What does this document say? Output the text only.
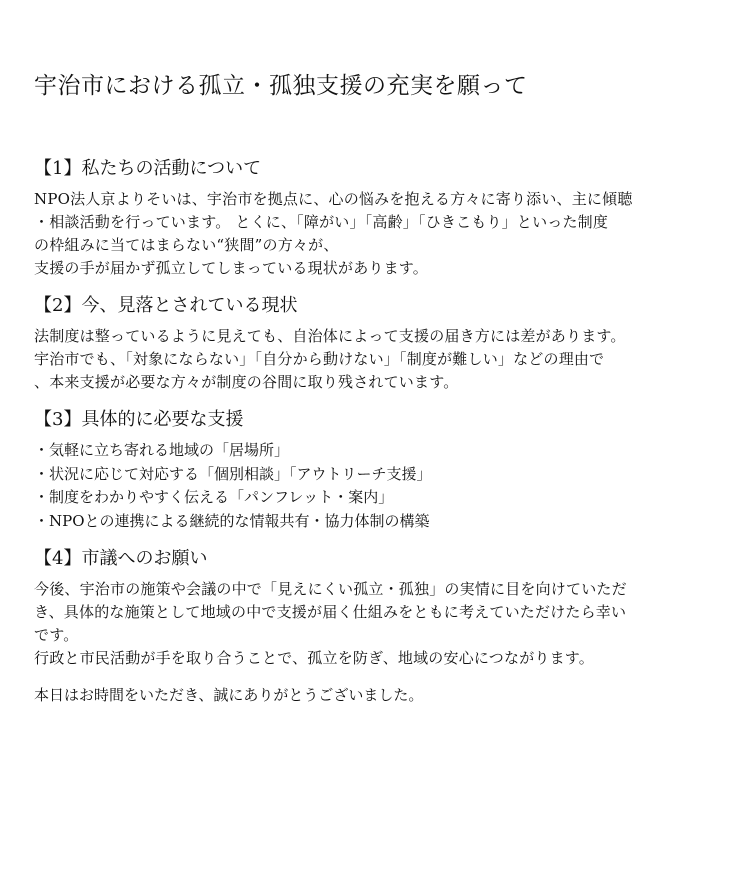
宇治市における孤立・孤独支援の充実を願って
【1】私たちの活動について

NPO法人京よりそいは、宇治市を拠点に、心の悩みを抱える方々に寄り添い、主に傾聴
・相談活動を行っています。 とくに、「障がい」「高齢」「ひきこもり」といった制度
の枠組みに当てはまらない“狭間”の方々が、
支援の手が届かず孤立してしまっている現状があります。

【2】今、見落とされている現状

法制度は整っているように見えても、自治体によって支援の届き方には差があります。
宇治市でも、「対象にならない」「自分から動けない」「制度が難しい」などの理由で
、本来支援が必要な方々が制度の谷間に取り残されています。

【3】具体的に必要な支援
・気軽に立ち寄れる地域の「居場所」
・状況に応じて対応する「個別相談」「アウトリーチ支援」
・制度をわかりやすく伝える「パンフレット・案内」
・NPOとの連携による継続的な情報共有・協力体制の構築
【4】市議へのお願い

今後、宇治市の施策や会議の中で「見えにくい孤立・孤独」の実情に目を向けていただ
き、具体的な施策として地域の中で支援が届く仕組みをともに考えていただけたら幸い
です。
行政と市民活動が手を取り合うことで、孤立を防ぎ、地域の安心につながります。

本日はお時間をいただき、誠にありがとうございました。
